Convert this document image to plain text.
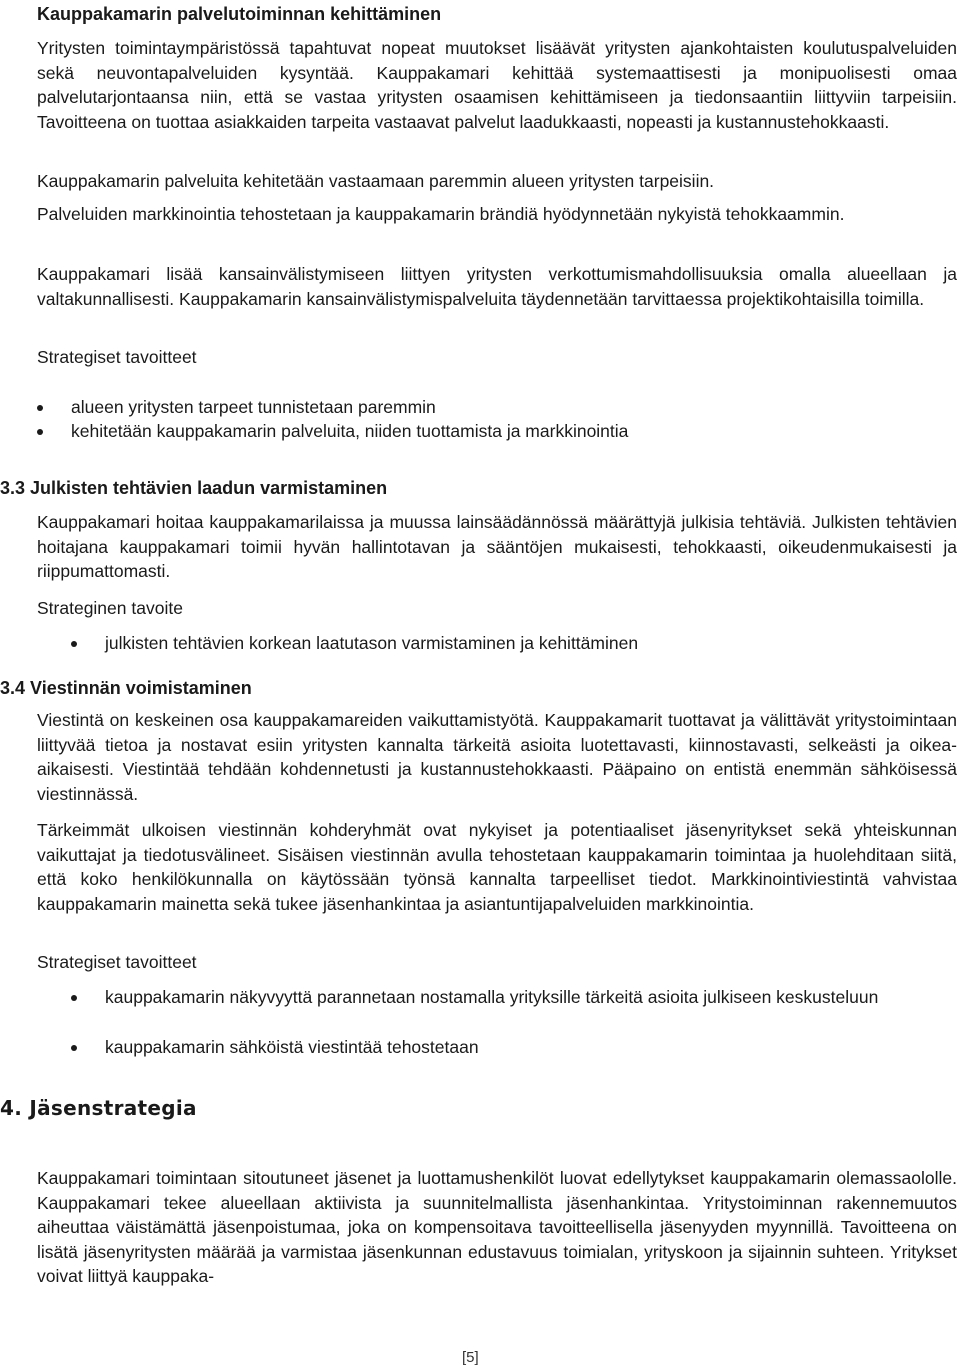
Kauppakamarin palvelutoiminnan kehittäminen

Yritysten toimintaympäristössä tapahtuvat nopeat muutokset lisäävät yritysten ajankohtaisten koulutuspalveluiden sekä neuvontapalveluiden kysyntää. Kauppakamari kehittää systemaattisesti ja monipuolisesti omaa palvelutarjontaansa niin, että se vastaa yritysten osaamisen kehittämiseen ja tiedonsaantiin liittyviin tarpeisiin. Tavoitteena on tuottaa asiakkaiden tarpeita vastaavat palvelut laadukkaasti, nopeasti ja kustannustehokkaasti.

Kauppakamarin palveluita kehitetään vastaamaan paremmin alueen yritysten tarpeisiin.

Palveluiden markkinointia tehostetaan ja kauppakamarin brändiä hyödynnetään nykyistä tehokkaammin.

Kauppakamari lisää kansainvälistymiseen liittyen yritysten verkottumismahdollisuuksia omalla alueellaan ja valtakunnallisesti. Kauppakamarin kansainvälistymispalveluita täydennetään tarvittaessa projektikohtaisilla toimilla.

Strategiset tavoitteet
alueen yritysten tarpeet tunnistetaan paremmin
kehitetään kauppakamarin palveluita, niiden tuottamista ja markkinointia
3.3 Julkisten tehtävien laadun varmistaminen

Kauppakamari hoitaa kauppakamarilaissa ja muussa lainsäädännössä määrättyjä julkisia tehtäviä. Julkisten tehtävien hoitajana kauppakamari toimii hyvän hallintotavan ja sääntöjen mukaisesti, tehokkaasti, oikeudenmukaisesti ja riippumattomasti.

Strateginen tavoite
julkisten tehtävien korkean laatutason varmistaminen ja kehittäminen
3.4 Viestinnän voimistaminen

Viestintä on keskeinen osa kauppakamareiden vaikuttamistyötä. Kauppakamarit tuottavat ja välittävät yritystoimintaan liittyvää tietoa ja nostavat esiin yritysten kannalta tärkeitä asioita luotettavasti, kiinnostavasti, selkeästi ja oikea-aikaisesti. Viestintää tehdään kohdennetusti ja kustannustehokkaasti. Pääpaino on entistä enemmän sähköisessä viestinnässä.

Tärkeimmät ulkoisen viestinnän kohderyhmät ovat nykyiset ja potentiaaliset jäsenyritykset sekä yhteiskunnan vaikuttajat ja tiedotusvälineet. Sisäisen viestinnän avulla tehostetaan kauppakamarin toimintaa ja huolehditaan siitä, että koko henkilökunnalla on käytössään työnsä kannalta tarpeelliset tiedot. Markkinointiviestintä vahvistaa kauppakamarin mainetta sekä tukee jäsenhankintaa ja asiantuntijapalveluiden markkinointia.

Strategiset tavoitteet
kauppakamarin näkyvyyttä parannetaan nostamalla yrityksille tärkeitä asioita julkiseen keskusteluun
kauppakamarin sähköistä viestintää tehostetaan
4. Jäsenstrategia

Kauppakamari toimintaan sitoutuneet jäsenet ja luottamushenkilöt luovat edellytykset kauppakamarin olemassaololle. Kauppakamari tekee alueellaan aktiivista ja suunnitelmallista jäsenhankintaa. Yritystoiminnan rakennemuutos aiheuttaa väistämättä jäsenpoistumaa, joka on kompensoitava tavoitteellisella jäsenyyden myynnillä. Tavoitteena on lisätä jäsenyritysten määrää ja varmistaa jäsenkunnan edustavuus toimialan, yrityskoon ja sijainnin suhteen. Yritykset voivat liittyä kauppaka-

[5]
